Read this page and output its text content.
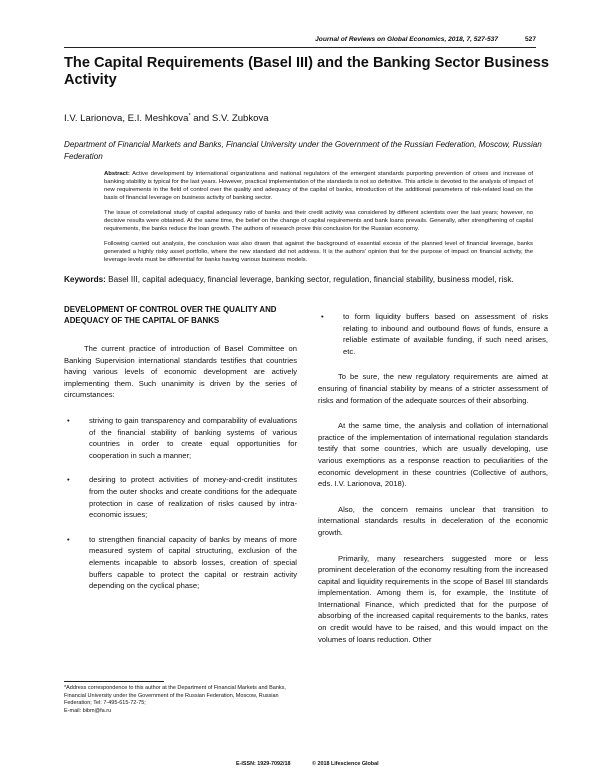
Journal of Reviews on Global Economics, 2018, 7, 527-537	527
The Capital Requirements (Basel III) and the Banking Sector Business Activity
I.V. Larionova, E.I. Meshkova* and S.V. Zubkova
Department of Financial Markets and Banks, Financial University under the Government of the Russian Federation, Moscow, Russian Federation

Abstract: Active development by international organizations and national regulators of the emergent standards purporting prevention of crises and increase of banking stability is typical for the last years. However, practical implementation of the standards is not so definitive. This article is devoted to the analysis of impact of new requirements in the field of control over the quality and adequacy of the capital of banks, introduction of the additional parameters of risk-related load on the basis of financial leverage on business activity of banking sector.

The issue of correlational study of capital adequacy ratio of banks and their credit activity was considered by different scientists over the last years; however, no decisive results were obtained. At the same time, the belief on the change of capital requirements and bank loans prevails. Generally, after strengthening of capital requirements, the banks reduce the loan growth. The authors of research prove this conclusion for the Russian economy.

Following carried out analysis, the conclusion was also drawn that against the background of essential excess of the planned level of financial leverage, banks generated a highly risky asset portfolio, where the new standard did not address. It is the authors' opinion that for the purpose of impact on financial activity, the leverage levels must be differential for banks having various business models.

Keywords: Basel III, capital adequacy, financial leverage, banking sector, regulation, financial stability, business model, risk.
DEVELOPMENT OF CONTROL OVER THE QUALITY AND ADEQUACY OF THE CAPITAL OF BANKS

The current practice of introduction of Basel Committee on Banking Supervision international standards testifies that countries having various levels of economic development are actively implementing them. Such unanimity is driven by the series of circumstances:

•	striving to gain transparency and comparability of evaluations of the financial stability of banking systems of various countries in order to create equal opportunities for cooperation in such a manner;
•	desiring to protect activities of money-and-credit institutes from the outer shocks and create conditions for the adequate protection in case of realization of risks caused by intra-economic issues;
•	to strengthen financial capacity of banks by means of more measured system of capital structuring, exclusion of the elements incapable to absorb losses, creation of special buffers capable to protect the capital or restrain activity depending on the cyclical phase;
•	to form liquidity buffers based on assessment of risks relating to inbound and outbound flows of funds, ensure a reliable estimate of available funding, if such need arises, etc.

To be sure, the new regulatory requirements are aimed at ensuring of financial stability by means of a stricter assessment of risks and formation of the adequate sources of their absorbing.

At the same time, the analysis and collation of international practice of the implementation of international regulation standards testify that some countries, which are usually developing, use various exemptions as a response reaction to peculiarities of the economic development in these countries (Collective of authors, eds. I.V. Larionova, 2018).

Also, the concern remains unclear that transition to international standards results in deceleration of the economic growth.

Primarily, many researchers suggested more or less prominent deceleration of the economy resulting from the increased capital and liquidity requirements in the scope of Basel III standards implementation. Among them is, for example, the Institute of International Finance, which predicted that for the purpose of absorbing of the increased capital requirements to the banks, rates on credit would have to be raised, and this would impact on the volumes of loans reduction. Other

*Address correspondence to this author at the Department of Financial Markets and Banks, Financial University under the Government of the Russian Federation, Moscow, Russian Federation; Tel: 7-495-615-72-75;
E-mail: bibm@fa.ru
E-ISSN: 1929-7092/18	© 2018 Lifescience Global
